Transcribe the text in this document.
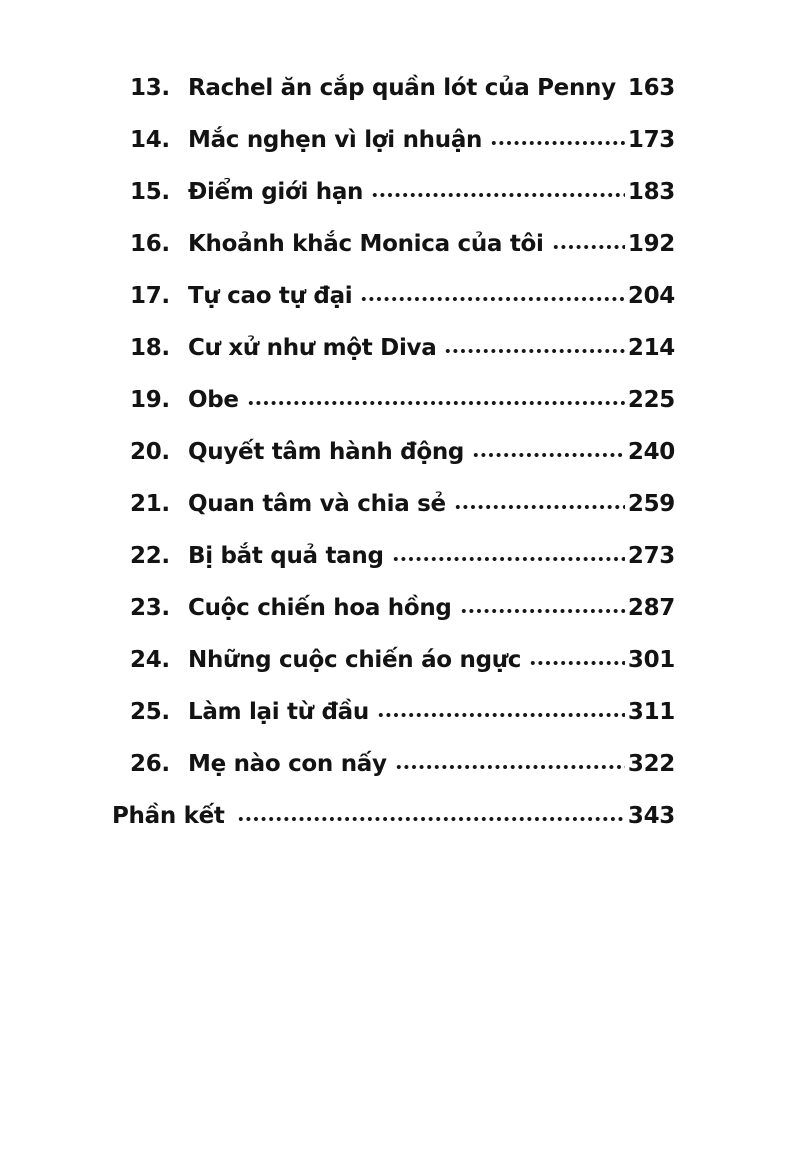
13. Rachel ăn cắp quần lót của Penny 163
14. Mắc nghẹn vì lợi nhuận	173
15. Điểm giới hạn	183
16. Khoảnh khắc Monica của tôi	192
17. Tự cao tự đại	204
18. Cư xử như một Diva	214
19. Obe	225
20. Quyết tâm hành động	240
21. Quan tâm và chia sẻ	259
22. Bị bắt quả tang	273
23. Cuộc chiến hoa hồng	287
24. Những cuộc chiến áo ngực	301
25. Làm lại từ đầu	311
26. Mẹ nào con nấy	322
Phần kết	343
